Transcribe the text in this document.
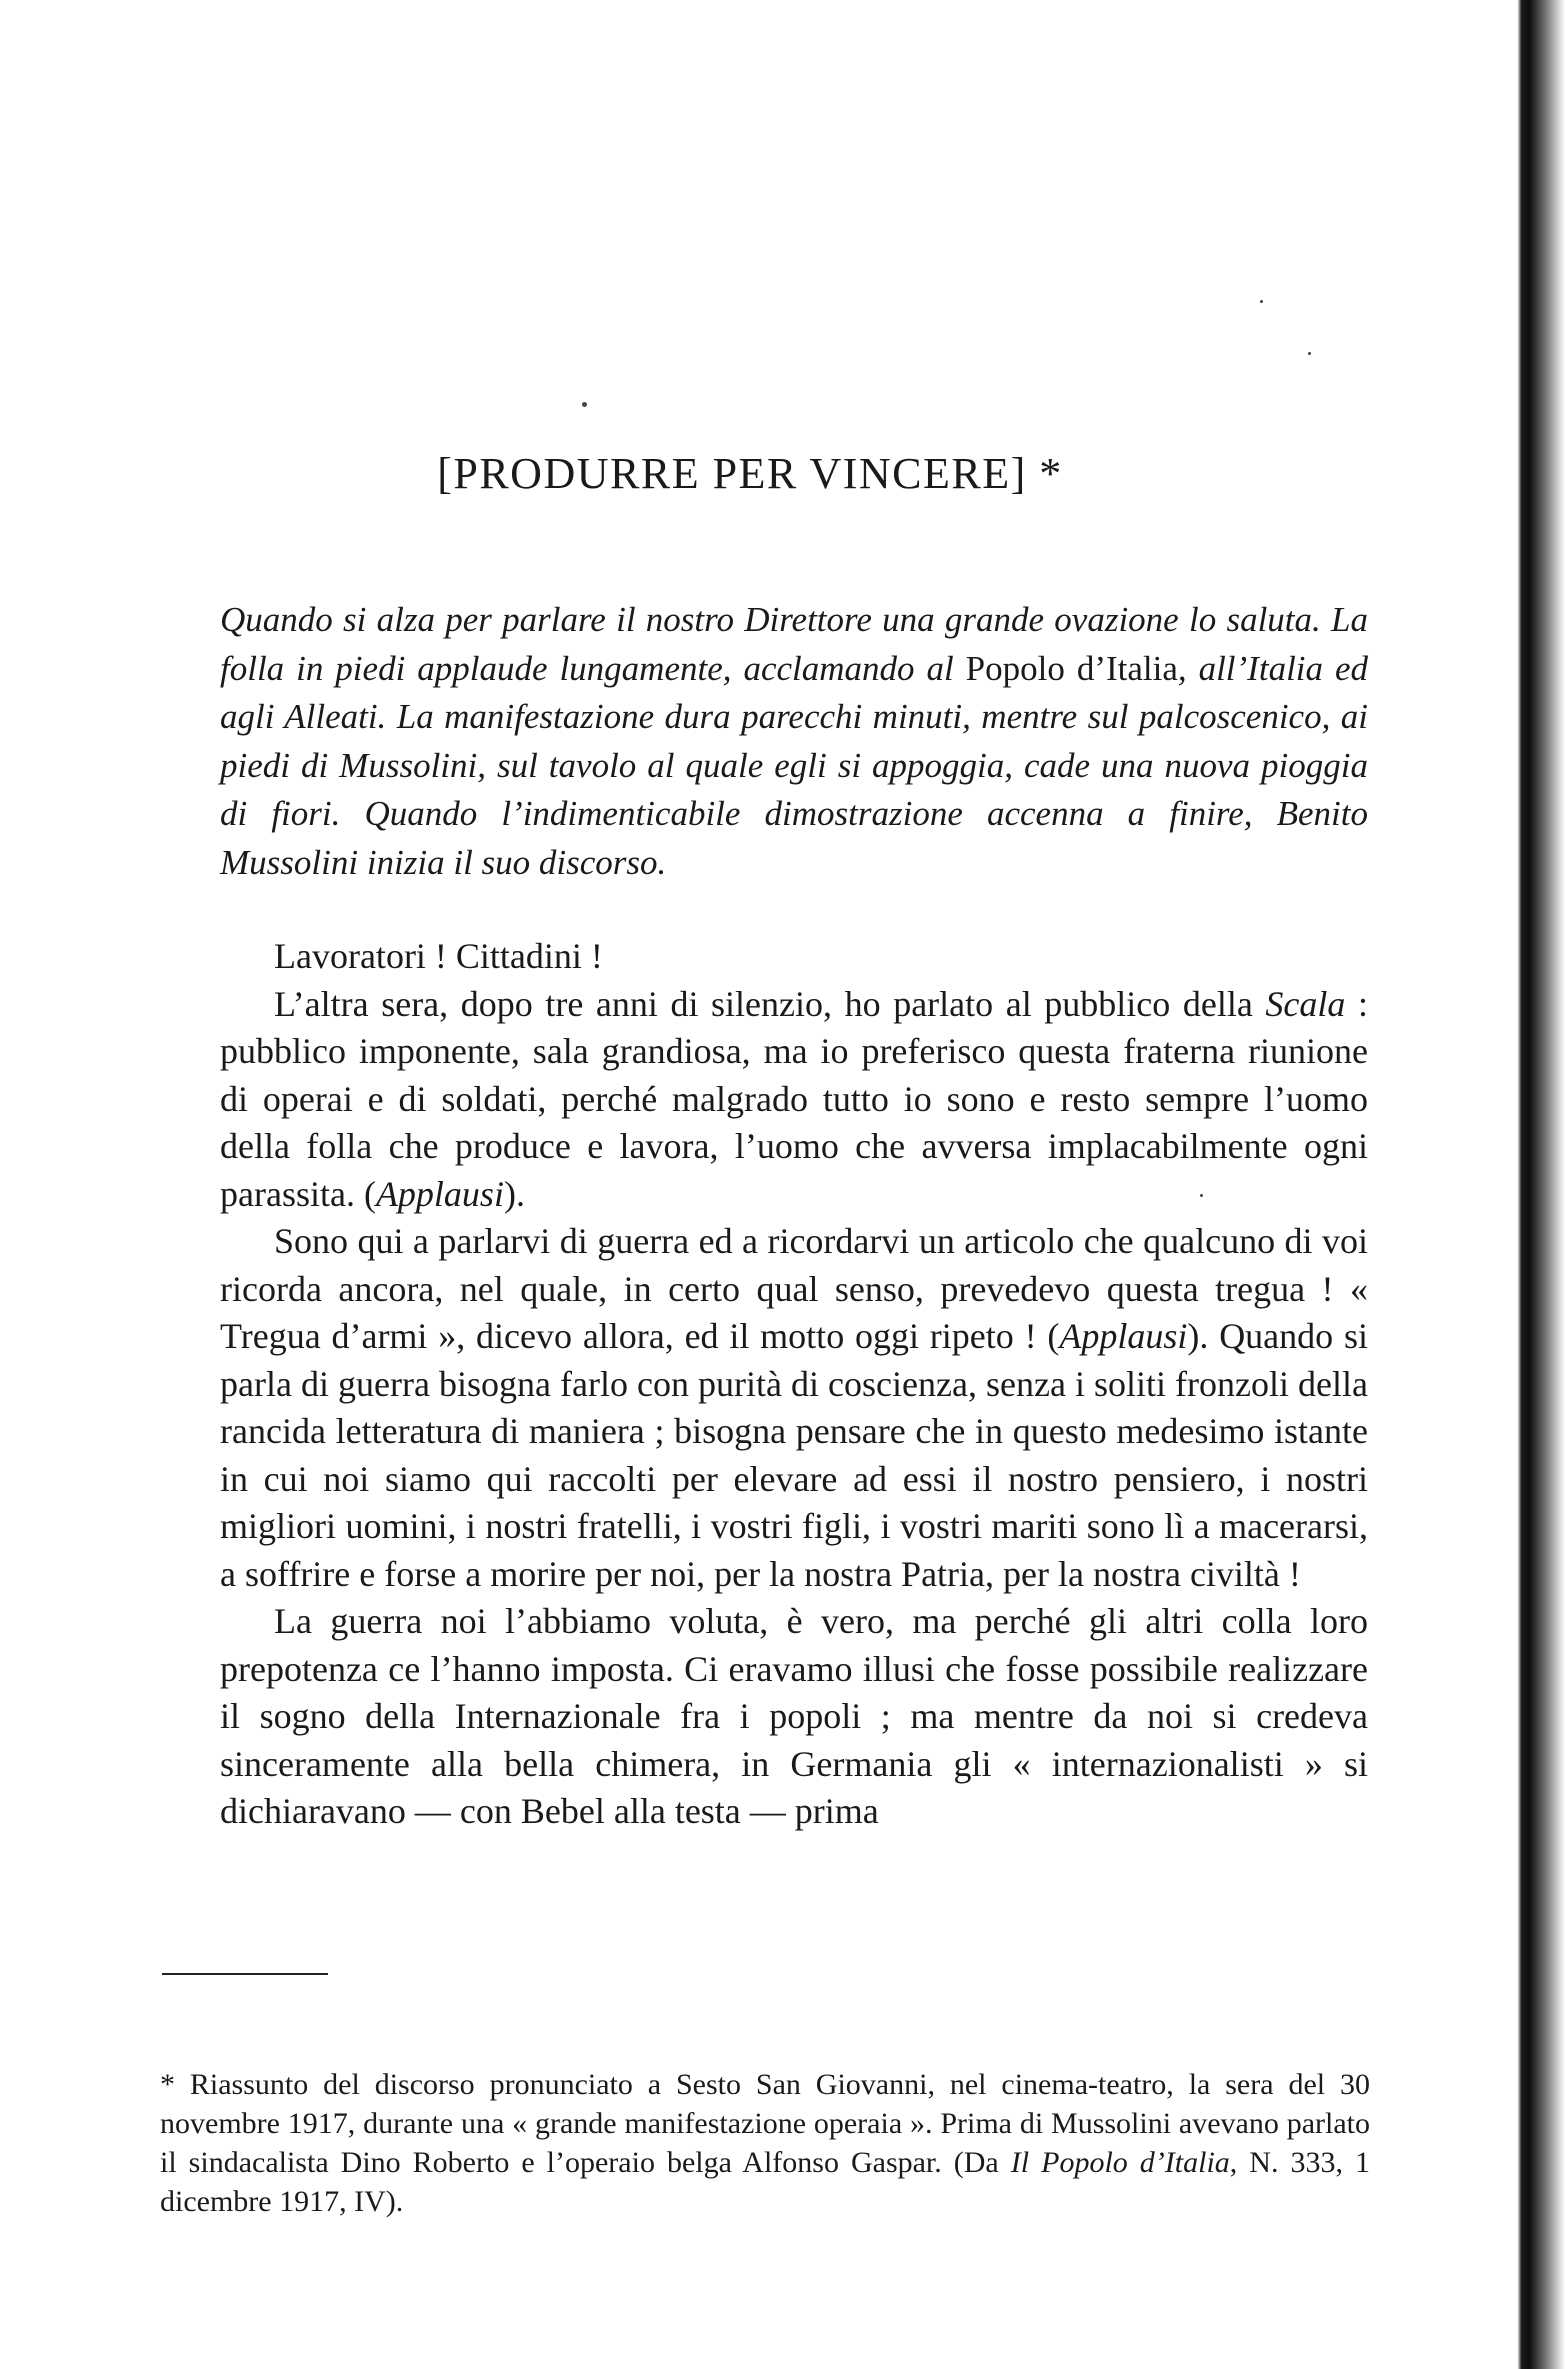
[PRODURRE PER VINCERE] *
Quando si alza per parlare il nostro Direttore una grande ovazione lo saluta. La folla in piedi applaude lungamente, acclamando al Popolo d’Italia, all’Italia ed agli Alleati. La manifestazione dura parecchi minuti, mentre sul palcoscenico, ai piedi di Mussolini, sul tavolo al quale egli si appoggia, cade una nuova pioggia di fiori. Quando l’indimenticabile dimostrazione accenna a finire, Benito Mussolini inizia il suo discorso.

Lavoratori ! Cittadini !

L’altra sera, dopo tre anni di silenzio, ho parlato al pubblico della Scala : pubblico imponente, sala grandiosa, ma io preferisco questa fraterna riunione di operai e di soldati, perché malgrado tutto io sono e resto sempre l’uomo della folla che produce e lavora, l’uomo che avversa implacabilmente ogni parassita. (Applausi).

Sono qui a parlarvi di guerra ed a ricordarvi un articolo che qualcuno di voi ricorda ancora, nel quale, in certo qual senso, prevedevo questa tregua ! « Tregua d’armi », dicevo allora, ed il motto oggi ripeto ! (Applausi). Quando si parla di guerra bisogna farlo con purità di coscienza, senza i soliti fronzoli della rancida letteratura di maniera ; bisogna pensare che in questo medesimo istante in cui noi siamo qui raccolti per elevare ad essi il nostro pensiero, i nostri migliori uomini, i nostri fratelli, i vostri figli, i vostri mariti sono lì a macerarsi, a soffrire e forse a morire per noi, per la nostra Patria, per la nostra civiltà !

La guerra noi l’abbiamo voluta, è vero, ma perché gli altri colla loro prepotenza ce l’hanno imposta. Ci eravamo illusi che fosse possibile realizzare il sogno della Internazionale fra i popoli ; ma mentre da noi si credeva sinceramente alla bella chimera, in Germania gli « internazionalisti » si dichiaravano — con Bebel alla testa — prima

* Riassunto del discorso pronunciato a Sesto San Giovanni, nel cinema-teatro, la sera del 30 novembre 1917, durante una « grande manifestazione operaia ». Prima di Mussolini avevano parlato il sindacalista Dino Roberto e l’operaio belga Alfonso Gaspar. (Da Il Popolo d’Italia, N. 333, 1 dicembre 1917, IV).
